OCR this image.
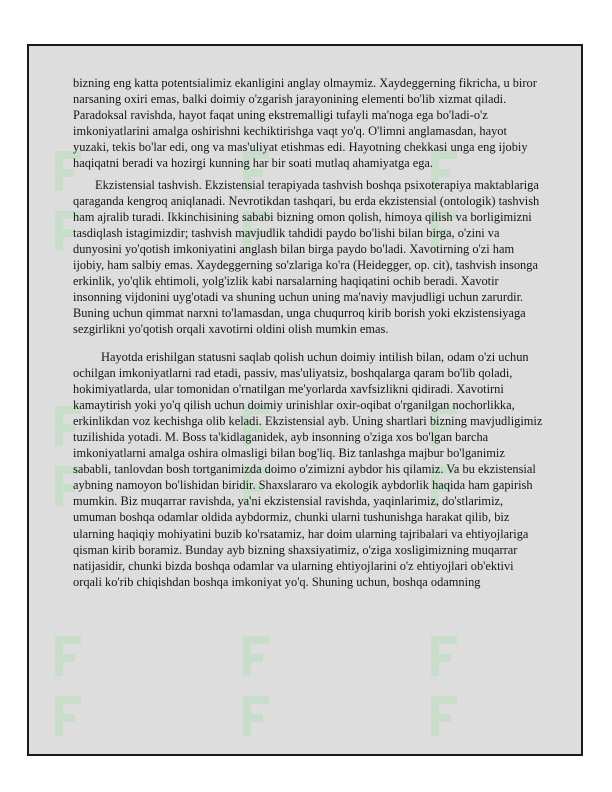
bizning eng katta potentsialimiz ekanligini anglay olmaymiz. Xaydeggerning fikricha, u biror narsaning oxiri emas, balki doimiy o'zgarish jarayonining elementi bo'lib xizmat qiladi. Paradoksal ravishda, hayot faqat uning ekstremalligi tufayli ma'noga ega bo'ladi-o'z imkoniyatlarini amalga oshirishni kechiktirishga vaqt yo'q. O'limni anglamasdan, hayot yuzaki, tekis bo'lar edi, ong va mas'uliyat etishmas edi. Hayotning chekkasi unga eng ijobiy haqiqatni beradi va hozirgi kunning har bir soati mutlaq ahamiyatga ega.

Ekzistensial tashvish. Ekzistensial terapiyada tashvish boshqa psixoterapiya maktablariga qaraganda kengroq aniqlanadi. Nevrotikdan tashqari, bu erda ekzistensial (ontologik) tashvish ham ajralib turadi. Ikkinchisining sababi bizning omon qolish, himoya qilish va borligimizni tasdiqlash istagimizdir; tashvish mavjudlik tahdidi paydo bo'lishi bilan birga, o'zini va dunyosini yo'qotish imkoniyatini anglash bilan birga paydo bo'ladi. Xavotirning o'zi ham ijobiy, ham salbiy emas. Xaydeggerning so'zlariga ko'ra (Heidegger, op. cit), tashvish insonga erkinlik, yo'qlik ehtimoli, yolg'izlik kabi narsalarning haqiqatini ochib beradi. Xavotir insonning vijdonini uyg'otadi va shuning uchun uning ma'naviy mavjudligi uchun zarurdir. Buning uchun qimmat narxni to'lamasdan, unga chuqurroq kirib borish yoki ekzistensiyaga sezgirlikni yo'qotish orqali xavotirni oldini olish mumkin emas.

Hayotda erishilgan statusni saqlab qolish uchun doimiy intilish bilan, odam o'zi uchun ochilgan imkoniyatlarni rad etadi, passiv, mas'uliyatsiz, boshqalarga qaram bo'lib qoladi, hokimiyatlarda, ular tomonidan o'rnatilgan me'yorlarda xavfsizlikni qidiradi. Xavotirni kamaytirish yoki yo'q qilish uchun doimiy urinishlar oxir-oqibat o'rganilgan nochorlikka, erkinlikdan voz kechishga olib keladi. Ekzistensial ayb. Uning shartlari bizning mavjudligimiz tuzilishida yotadi. M. Boss ta'kidlaganidek, ayb insonning o'ziga xos bo'lgan barcha imkoniyatlarni amalga oshira olmasligi bilan bog'liq. Biz tanlashga majbur bo'lganimiz sababli, tanlovdan bosh tortganimizda doimo o'zimizni aybdor his qilamiz. Va bu ekzistensial aybning namoyon bo'lishidan biridir. Shaxslararo va ekologik aybdorlik haqida ham gapirish mumkin. Biz muqarrar ravishda, ya'ni ekzistensial ravishda, yaqinlarimiz, do'stlarimiz, umuman boshqa odamlar oldida aybdormiz, chunki ularni tushunishga harakat qilib, biz ularning haqiqiy mohiyatini buzib ko'rsatamiz, har doim ularning tajribalari va ehtiyojlariga qisman kirib boramiz. Bunday ayb bizning shaxsiyatimiz, o'ziga xosligimizning muqarrar natijasidir, chunki bizda boshqa odamlar va ularning ehtiyojlarini o'z ehtiyojlari ob'ektivi orqali ko'rib chiqishdan boshqa imkoniyat yo'q. Shuning uchun, boshqa odamning
